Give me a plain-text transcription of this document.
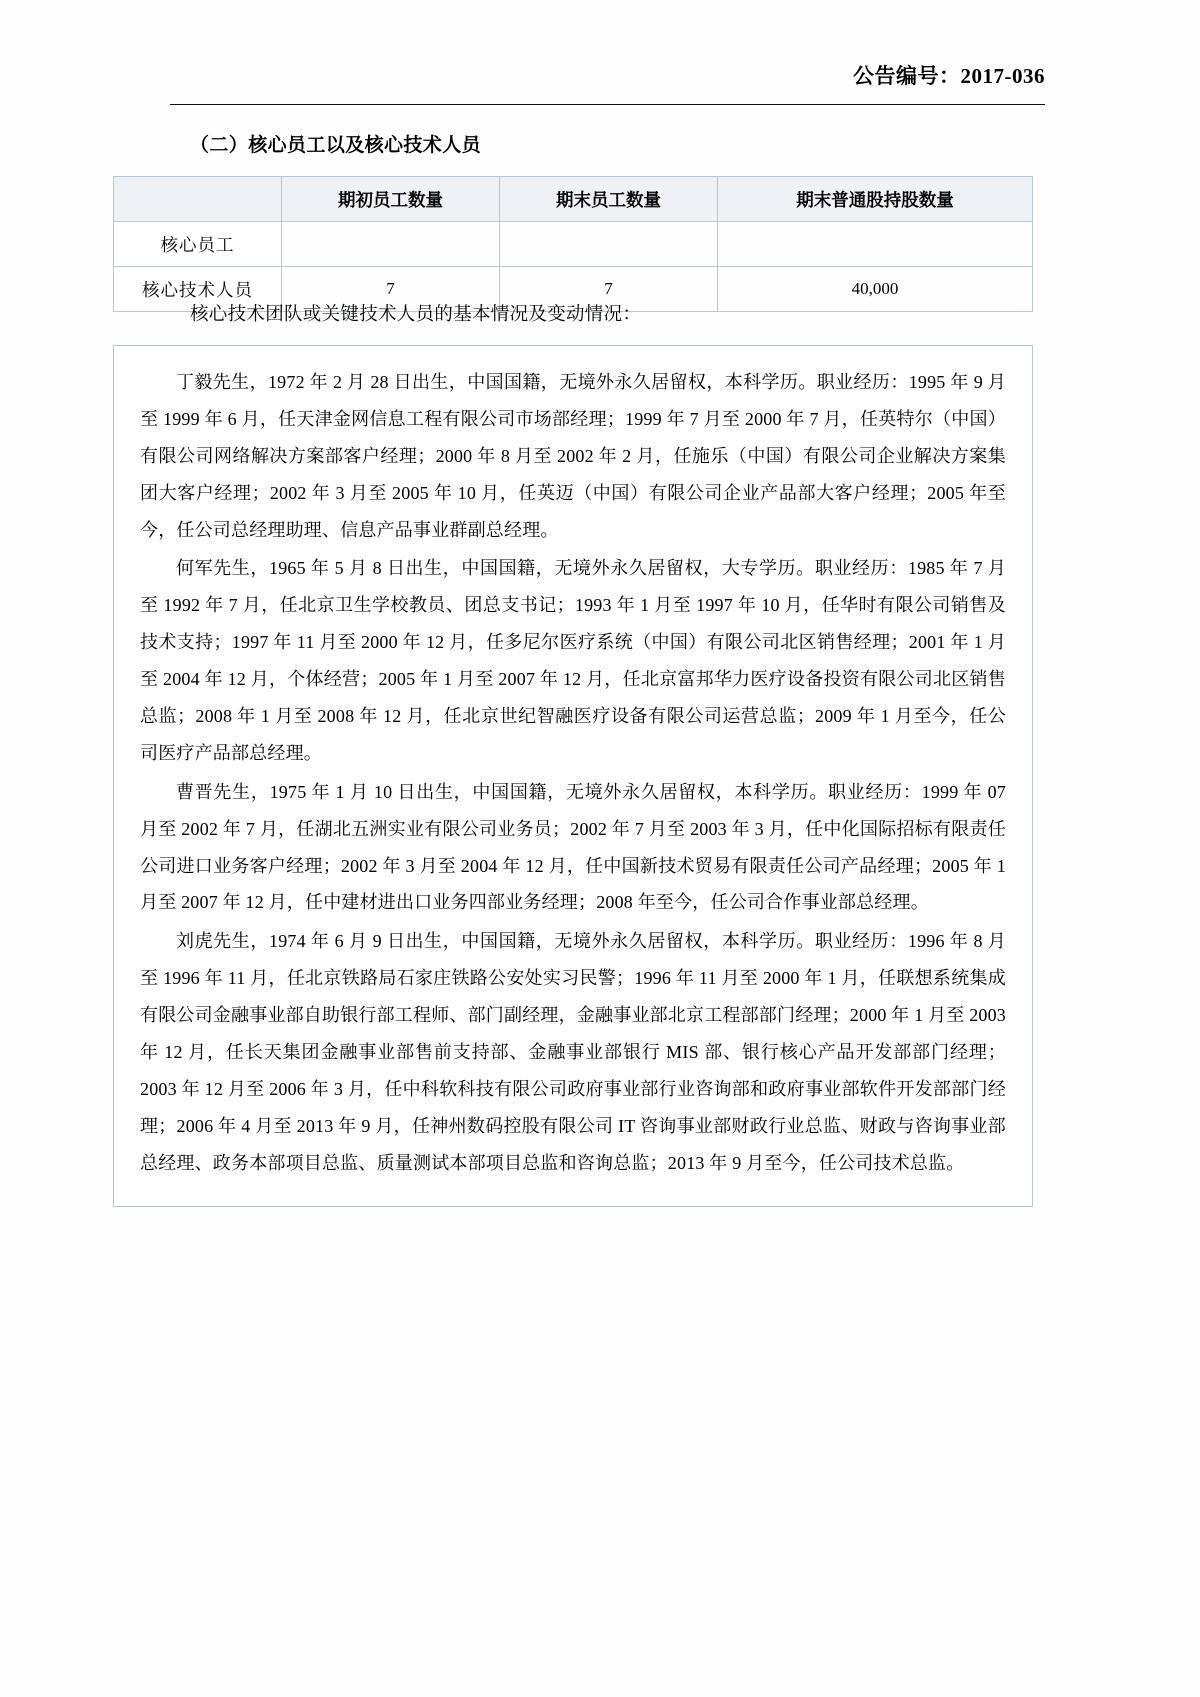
公告编号：2017-036
（二）核心员工以及核心技术人员
	期初员工数量	期末员工数量	期末普通股持股数量
核心员工			
核心技术人员	7	7	40,000
核心技术团队或关键技术人员的基本情况及变动情况：

丁毅先生，1972 年 2 月 28 日出生，中国国籍，无境外永久居留权，本科学历。职业经历：1995 年 9 月至 1999 年 6 月，任天津金网信息工程有限公司市场部经理；1999 年 7 月至 2000 年 7 月，任英特尔（中国）有限公司网络解决方案部客户经理；2000 年 8 月至 2002 年 2 月，任施乐（中国）有限公司企业解决方案集团大客户经理；2002 年 3 月至 2005 年 10 月，任英迈（中国）有限公司企业产品部大客户经理；2005 年至今，任公司总经理助理、信息产品事业群副总经理。

何军先生，1965 年 5 月 8 日出生，中国国籍，无境外永久居留权，大专学历。职业经历：1985 年 7 月至 1992 年 7 月，任北京卫生学校教员、团总支书记；1993 年 1 月至 1997 年 10 月，任华时有限公司销售及技术支持；1997 年 11 月至 2000 年 12 月，任多尼尔医疗系统（中国）有限公司北区销售经理；2001 年 1 月至 2004 年 12 月，个体经营；2005 年 1 月至 2007 年 12 月，任北京富邦华力医疗设备投资有限公司北区销售总监；2008 年 1 月至 2008 年 12 月，任北京世纪智融医疗设备有限公司运营总监；2009 年 1 月至今，任公司医疗产品部总经理。

曹晋先生，1975 年 1 月 10 日出生，中国国籍，无境外永久居留权，本科学历。职业经历：1999 年 07 月至 2002 年 7 月，任湖北五洲实业有限公司业务员；2002 年 7 月至 2003 年 3 月，任中化国际招标有限责任公司进口业务客户经理；2002 年 3 月至 2004 年 12 月，任中国新技术贸易有限责任公司产品经理；2005 年 1 月至 2007 年 12 月，任中建材进出口业务四部业务经理；2008 年至今，任公司合作事业部总经理。

刘虎先生，1974 年 6 月 9 日出生，中国国籍，无境外永久居留权，本科学历。职业经历：1996 年 8 月至 1996 年 11 月，任北京铁路局石家庄铁路公安处实习民警；1996 年 11 月至 2000 年 1 月，任联想系统集成有限公司金融事业部自助银行部工程师、部门副经理，金融事业部北京工程部部门经理；2000 年 1 月至 2003 年 12 月，任长天集团金融事业部售前支持部、金融事业部银行 MIS 部、银行核心产品开发部部门经理；2003 年 12 月至 2006 年 3 月，任中科软科技有限公司政府事业部行业咨询部和政府事业部软件开发部部门经理；2006 年 4 月至 2013 年 9 月，任神州数码控股有限公司 IT 咨询事业部财政行业总监、财政与咨询事业部总经理、政务本部项目总监、质量测试本部项目总监和咨询总监；2013 年 9 月至今，任公司技术总监。
